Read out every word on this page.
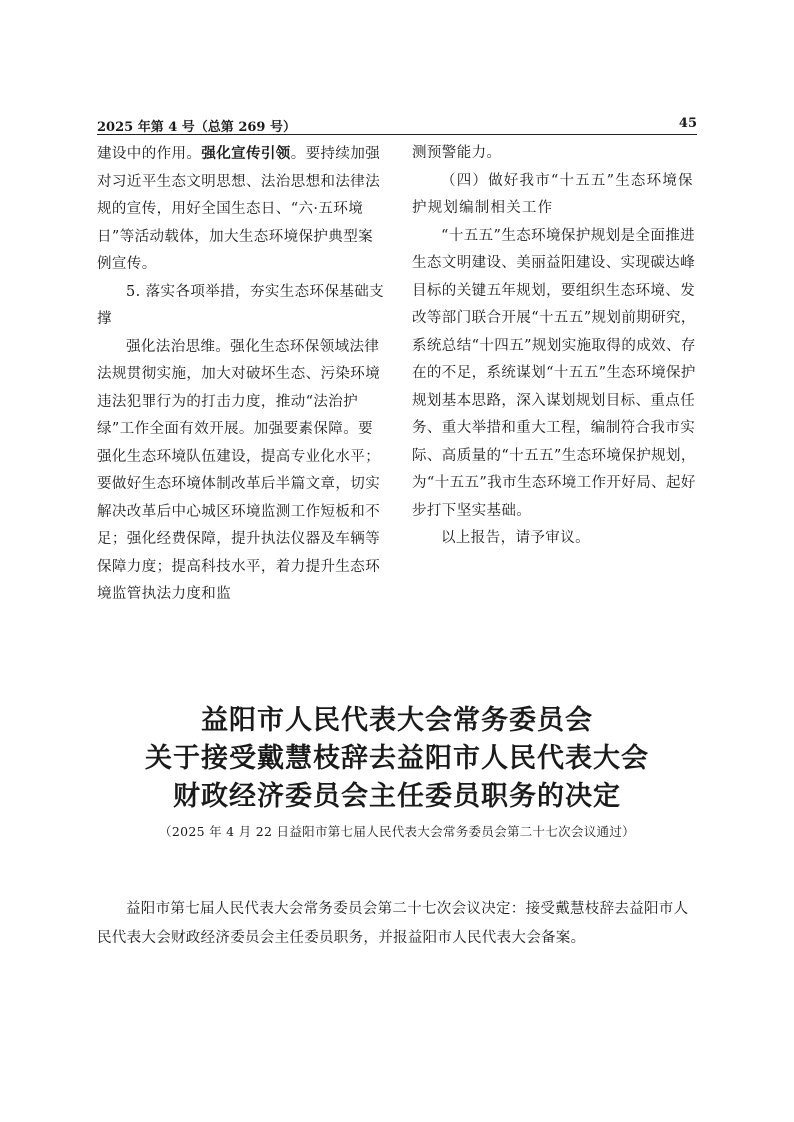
2025 年第 4 号（总第 269 号）	45

建设中的作用。强化宣传引领。要持续加强对习近平生态文明思想、法治思想和法律法规的宣传，用好全国生态日、“六·五环境日”等活动载体，加大生态环境保护典型案例宣传。

5. 落实各项举措，夯实生态环保基础支撑

强化法治思维。强化生态环保领域法律法规贯彻实施，加大对破坏生态、污染环境违法犯罪行为的打击力度，推动“法治护绿”工作全面有效开展。加强要素保障。要强化生态环境队伍建设，提高专业化水平；要做好生态环境体制改革后半篇文章，切实解决改革后中心城区环境监测工作短板和不足；强化经费保障，提升执法仪器及车辆等保障力度；提高科技水平，着力提升生态环境监管执法力度和监

测预警能力。

（四）做好我市“十五五”生态环境保护规划编制相关工作

“十五五”生态环境保护规划是全面推进生态文明建设、美丽益阳建设、实现碳达峰目标的关键五年规划，要组织生态环境、发改等部门联合开展“十五五”规划前期研究，系统总结“十四五”规划实施取得的成效、存在的不足，系统谋划“十五五”生态环境保护规划基本思路，深入谋划规划目标、重点任务、重大举措和重大工程，编制符合我市实际、高质量的“十五五”生态环境保护规划，为“十五五”我市生态环境工作开好局、起好步打下坚实基础。

以上报告，请予审议。

益阳市人民代表大会常务委员会
关于接受戴慧枝辞去益阳市人民代表大会
财政经济委员会主任委员职务的决定
（2025 年 4 月 22 日益阳市第七届人民代表大会常务委员会第二十七次会议通过）

益阳市第七届人民代表大会常务委员会第二十七次会议决定：接受戴慧枝辞去益阳市人民代表大会财政经济委员会主任委员职务，并报益阳市人民代表大会备案。
